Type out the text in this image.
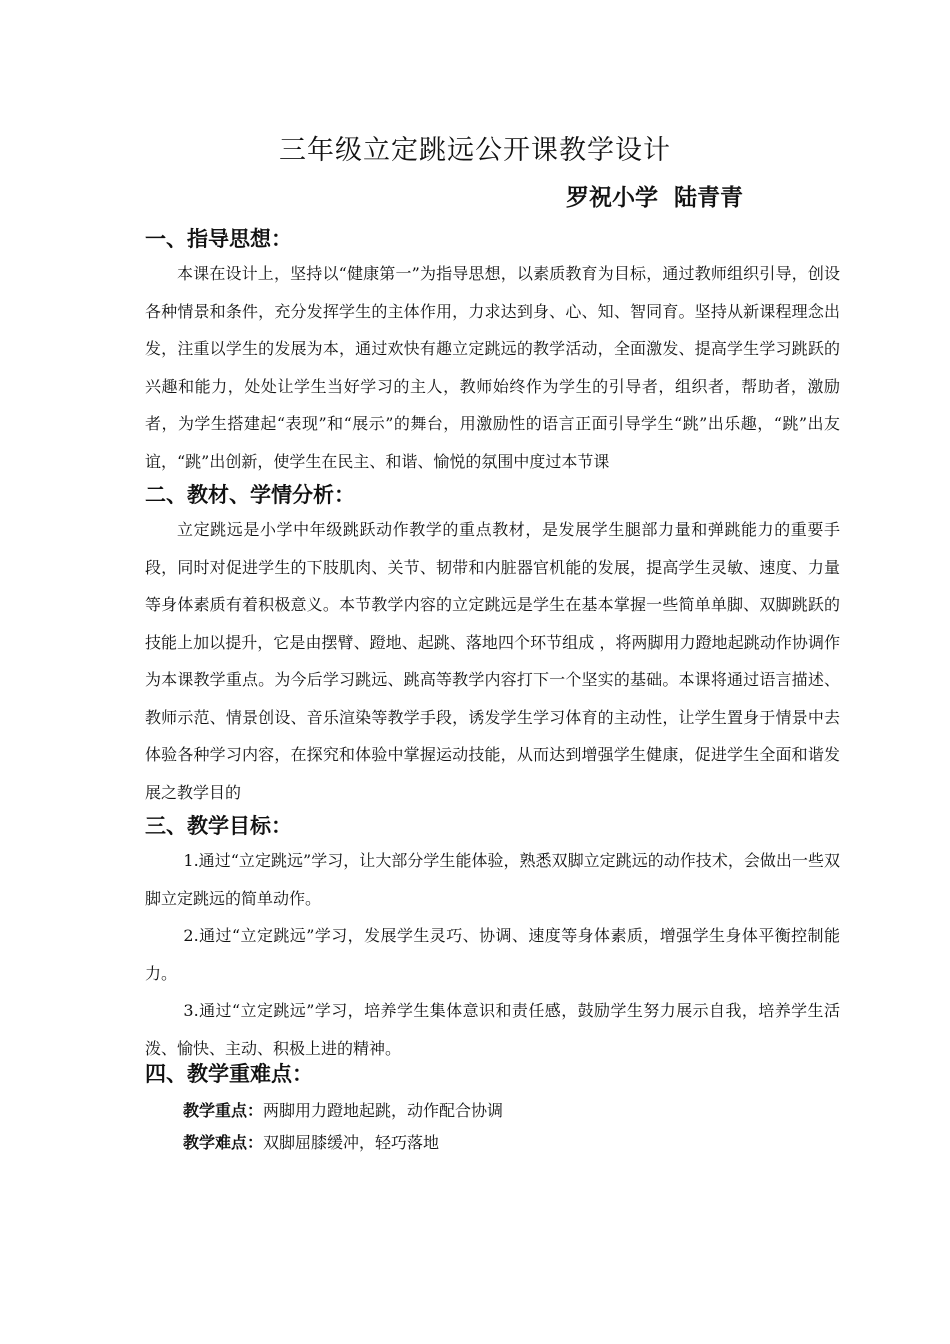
三年级立定跳远公开课教学设计
罗祝小学  陆青青
一、指导思想：
本课在设计上，坚持以“健康第一”为指导思想，以素质教育为目标，通过教师组织引导，创设各种情景和条件，充分发挥学生的主体作用，力求达到身、心、知、智同育。坚持从新课程理念出发，注重以学生的发展为本，通过欢快有趣立定跳远的教学活动，全面激发、提高学生学习跳跃的兴趣和能力，处处让学生当好学习的主人，教师始终作为学生的引导者，组织者，帮助者，激励者，为学生搭建起“表现”和“展示”的舞台，用激励性的语言正面引导学生“跳”出乐趣，“跳”出友谊，“跳”出创新，使学生在民主、和谐、愉悦的氛围中度过本节课
二、教材、学情分析：
立定跳远是小学中年级跳跃动作教学的重点教材，是发展学生腿部力量和弹跳能力的重要手段，同时对促进学生的下肢肌肉、关节、韧带和内脏器官机能的发展，提高学生灵敏、速度、力量等身体素质有着积极意义。本节教学内容的立定跳远是学生在基本掌握一些简单单脚、双脚跳跃的技能上加以提升，它是由摆臂、蹬地、起跳、落地四个环节组成 ，将两脚用力蹬地起跳动作协调作为本课教学重点。为今后学习跳远、跳高等教学内容打下一个坚实的基础。本课将通过语言描述、教师示范、情景创设、音乐渲染等教学手段，诱发学生学习体育的主动性，让学生置身于情景中去体验各种学习内容，在探究和体验中掌握运动技能，从而达到增强学生健康，促进学生全面和谐发展之教学目的
三、教学目标：
1.通过“立定跳远”学习，让大部分学生能体验，熟悉双脚立定跳远的动作技术，会做出一些双脚立定跳远的简单动作。
2.通过“立定跳远”学习，发展学生灵巧、协调、速度等身体素质，增强学生身体平衡控制能力。
3.通过“立定跳远”学习，培养学生集体意识和责任感，鼓励学生努力展示自我，培养学生活泼、愉快、主动、积极上进的精神。
四、教学重难点：
教学重点：两脚用力蹬地起跳，动作配合协调
教学难点：双脚屈膝缓冲，轻巧落地
